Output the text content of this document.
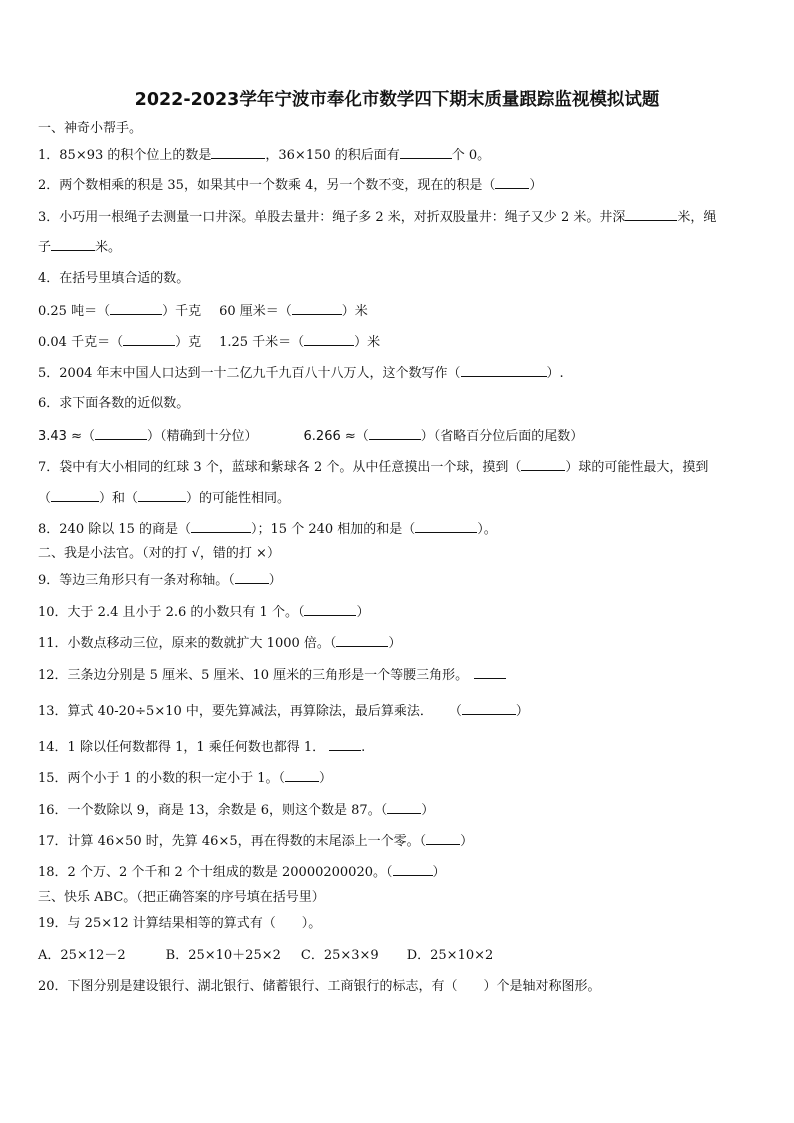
2022-2023学年宁波市奉化市数学四下期末质量跟踪监视模拟试题
一、神奇小帮手。
1．85×93 的积个位上的数是	，36×150 的积后面有	个 0。
2．两个数相乘的积是 35，如果其中一个数乘 4，另一个数不变，现在的积是（	）
3．小巧用一根绳子去测量一口井深。单股去量井：绳子多 2 米，对折双股量井：绳子又少 2 米。井深	米，绳
子	米。
4．在括号里填合适的数。
0.25 吨＝（	）千克 60 厘米＝（	）米
0.04 千克＝（	）克 1.25 千米＝（	）米
5．2004 年末中国人口达到一十二亿九千九百八十八万人，这个数写作（	）.
6．求下面各数的近似数。
3.43 ≈（	）（精确到十分位）	6.266 ≈（	）（省略百分位后面的尾数）
7．袋中有大小相同的红球 3 个，蓝球和紫球各 2 个。从中任意摸出一个球，摸到（	）球的可能性最大，摸到
（	）和（	）的可能性相同。
8．240 除以 15 的商是（	）；15 个 240 相加的和是（	）。
二、我是小法官。（对的打 √，错的打 ×）
9．等边三角形只有一条对称轴。（	）
10．大于 2.4 且小于 2.6 的小数只有 1 个。（	）
11．小数点移动三位，原来的数就扩大 1000 倍。（	）
12．三条边分别是 5 厘米、5 厘米、10 厘米的三角形是一个等腰三角形。
13．算式 40-20÷5×10 中，要先算减法，再算除法，最后算乘法． （	）
14．1 除以任何数都得 1，1 乘任何数也都得 1．	.
15．两个小于 1 的小数的积一定小于 1。（	）
16．一个数除以 9，商是 13，余数是 6，则这个数是 87。（	）
17．计算 46×50 时，先算 46×5，再在得数的末尾添上一个零。（	）
18．2 个万、2 个千和 2 个十组成的数是 20000200020。（	）
三、快乐 ABC。（把正确答案的序号填在括号里）
19．与 25×12 计算结果相等的算式有（　　）。
A．25×12－2	B．25×10＋25×2 C．25×3×9 D．25×10×2
20．下图分别是建设银行、湖北银行、储蓄银行、工商银行的标志，有（　　）个是轴对称图形。
